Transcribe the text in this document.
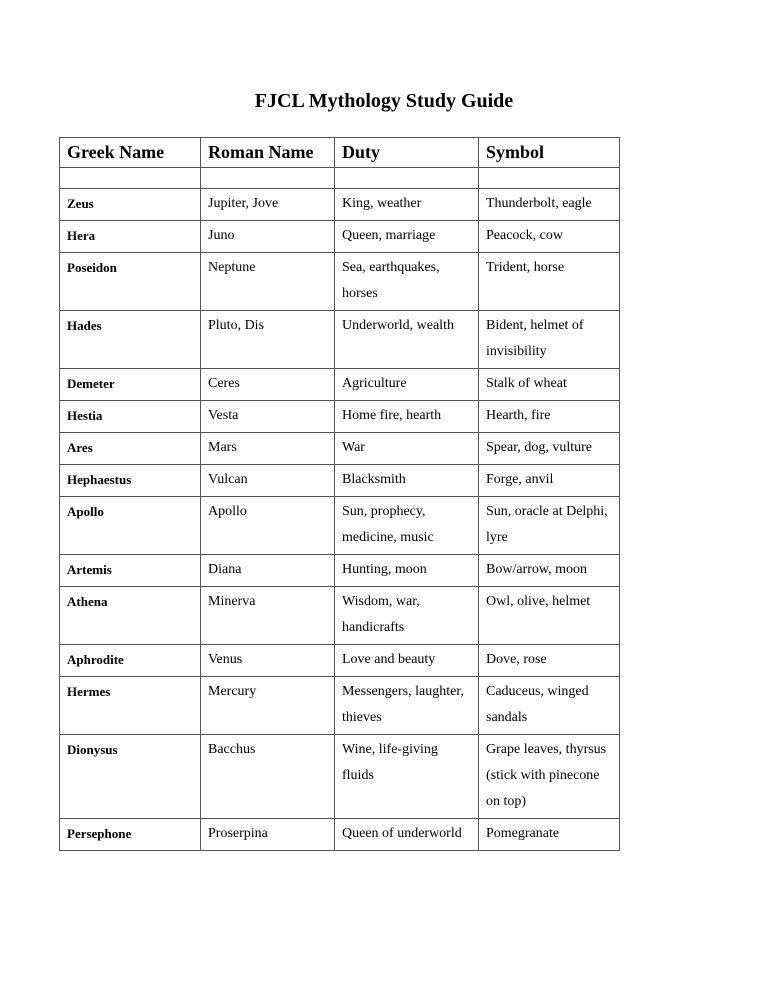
FJCL Mythology Study Guide
Greek Name	Roman Name	Duty	Symbol

Zeus	Jupiter, Jove	King, weather	Thunderbolt, eagle
Hera	Juno	Queen, marriage	Peacock, cow
Poseidon	Neptune	Sea, earthquakes, horses	Trident, horse
Hades	Pluto, Dis	Underworld, wealth	Bident, helmet of invisibility
Demeter	Ceres	Agriculture	Stalk of wheat
Hestia	Vesta	Home fire, hearth	Hearth, fire
Ares	Mars	War	Spear, dog, vulture
Hephaestus	Vulcan	Blacksmith	Forge, anvil
Apollo	Apollo	Sun, prophecy, medicine, music	Sun, oracle at Delphi, lyre
Artemis	Diana	Hunting, moon	Bow/arrow, moon
Athena	Minerva	Wisdom, war, handicrafts	Owl, olive, helmet
Aphrodite	Venus	Love and beauty	Dove, rose
Hermes	Mercury	Messengers, laughter, thieves	Caduceus, winged sandals
Dionysus	Bacchus	Wine, life-giving fluids	Grape leaves, thyrsus (stick with pinecone on top)
Persephone	Proserpina	Queen of underworld	Pomegranate
